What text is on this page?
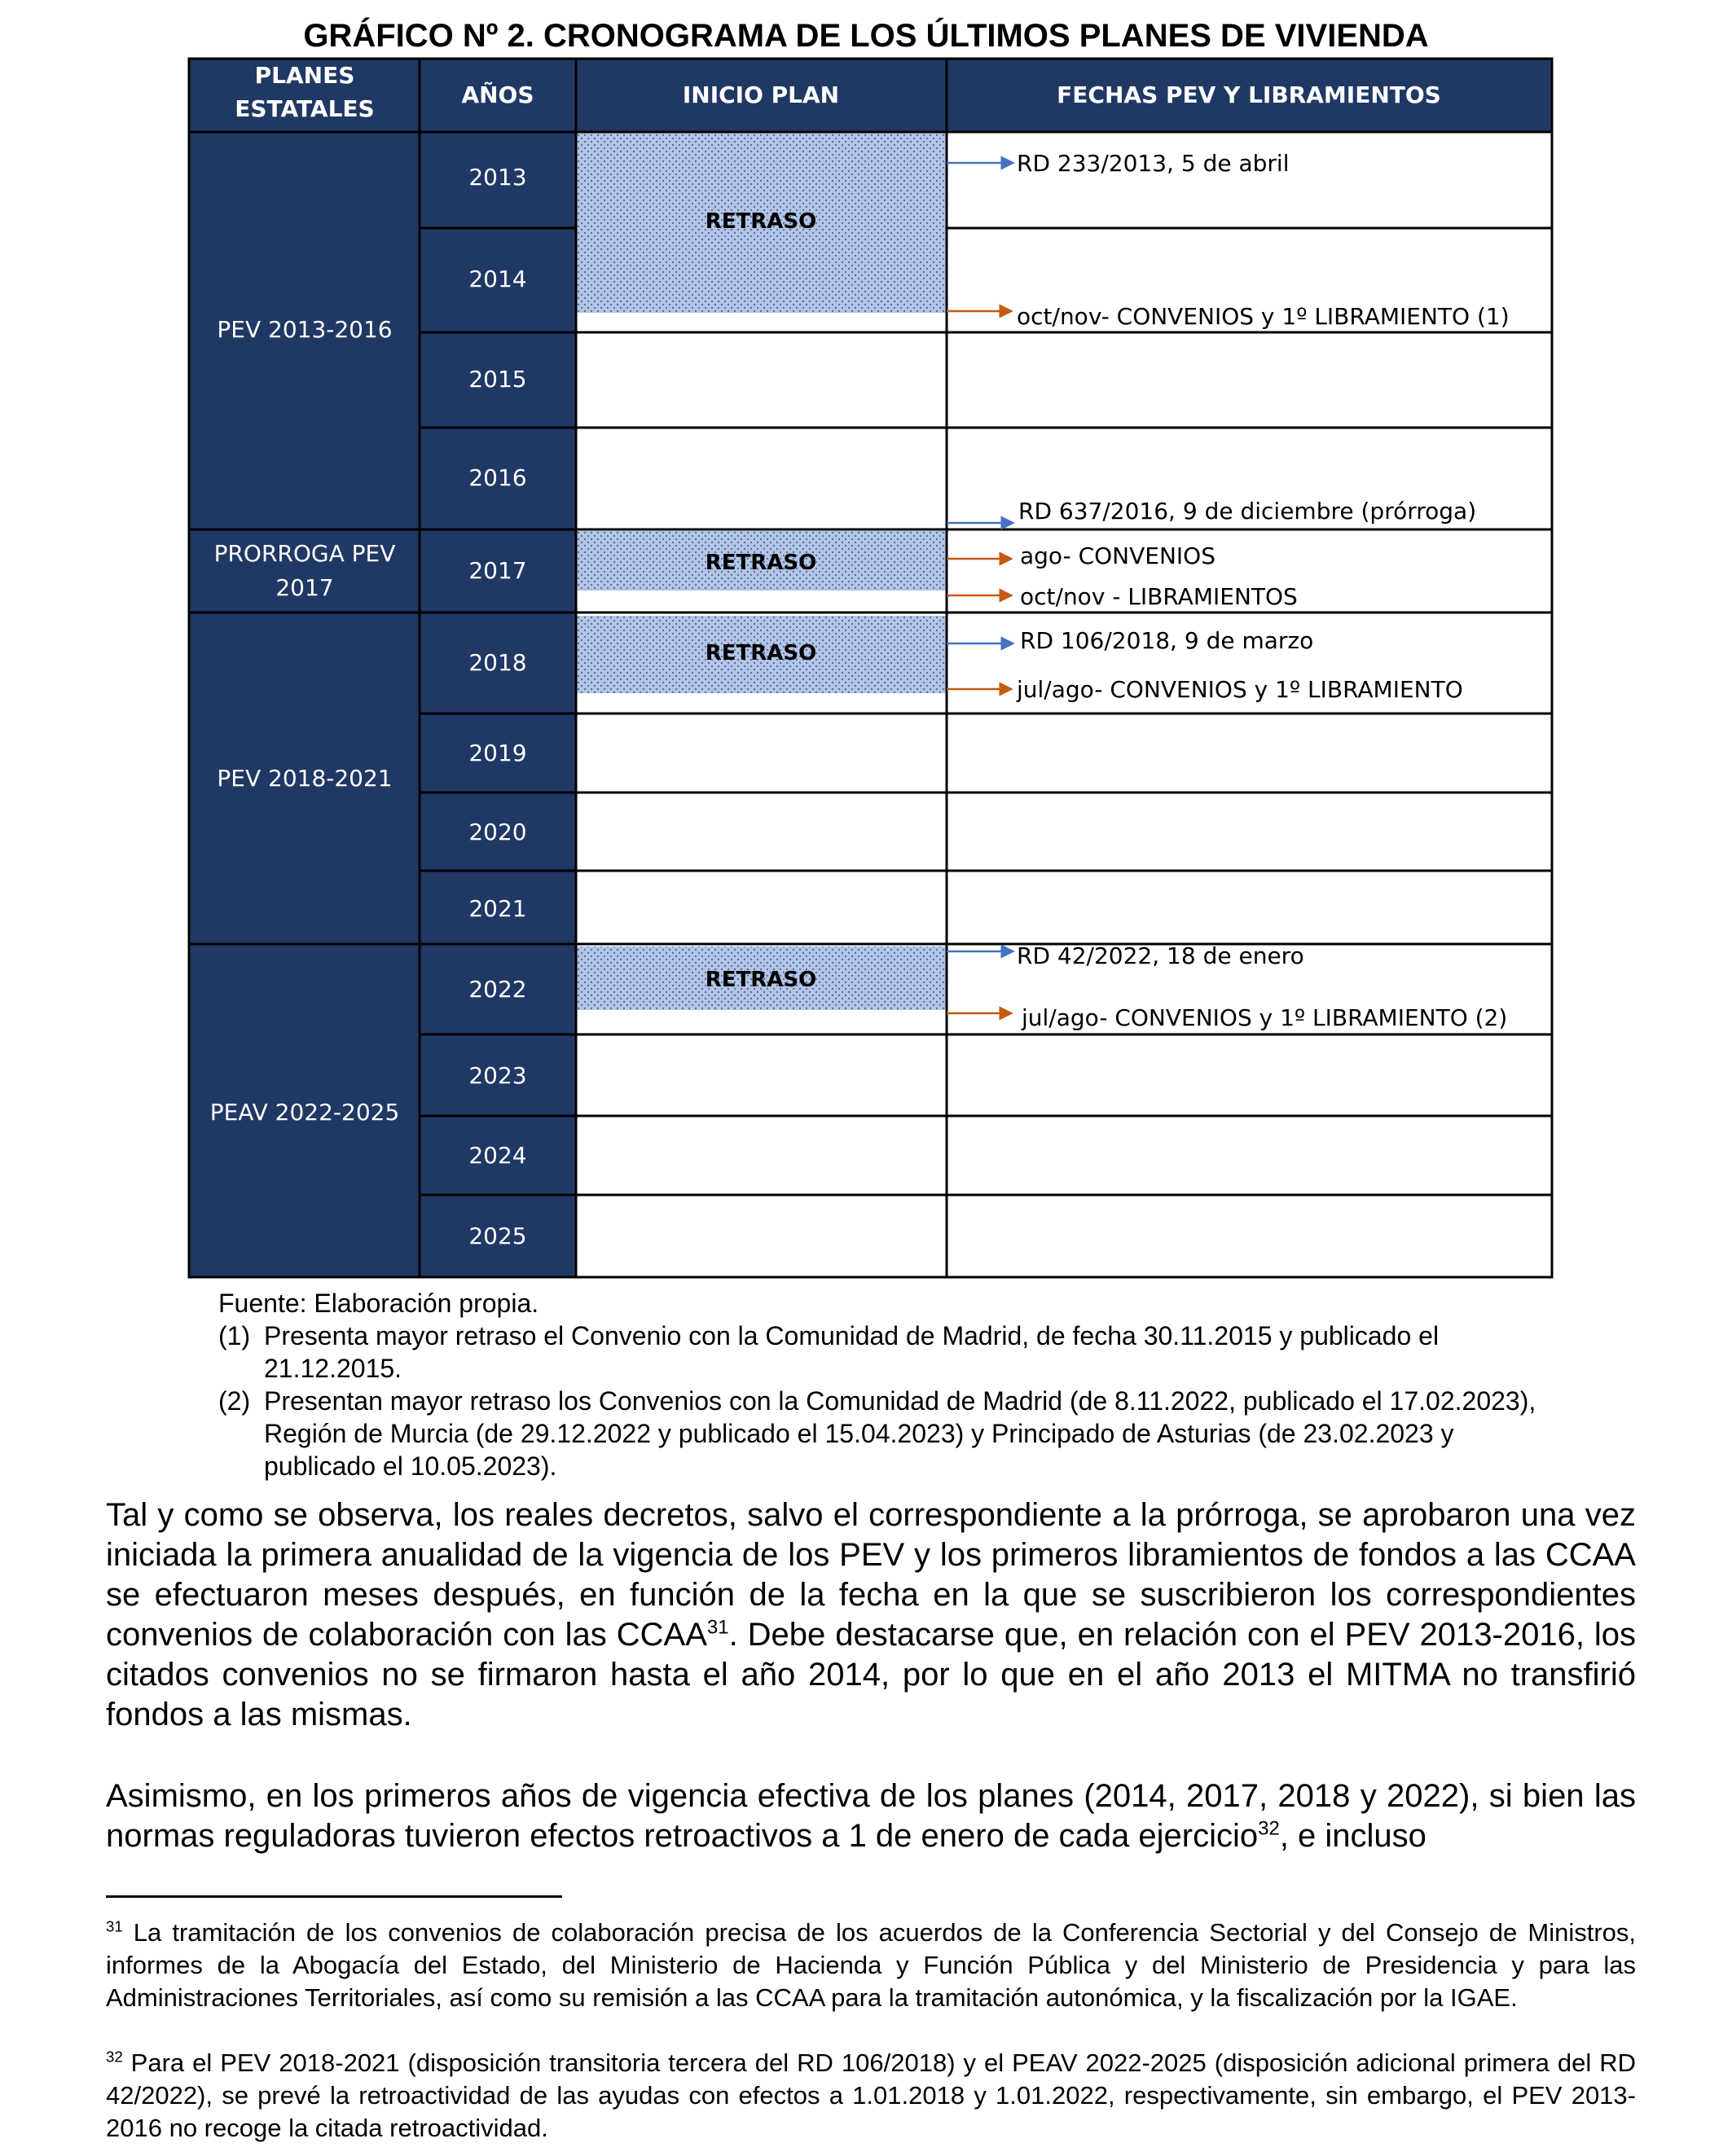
GRÁFICO Nº 2. CRONOGRAMA DE LOS ÚLTIMOS PLANES DE VIVIENDA
PLANES
ESTATALES
AÑOS	INICIO PLAN	FECHAS PEV Y LIBRAMIENTOS
PEV 2013-2016
PRORROGA PEV
2017
PEV 2018-2021
PEAV 2022-2025
2013
2014
2015
2016
2017
2018
2019
2020
2021
2022
2023
2024
2025
RETRASO
RETRASO
RETRASO
RETRASO
RD 233/2013, 5 de abril
oct/nov- CONVENIOS y 1º LIBRAMIENTO (1)
RD 637/2016, 9 de diciembre (prórroga)
ago- CONVENIOS
oct/nov - LIBRAMIENTOS
RD 106/2018, 9 de marzo
jul/ago- CONVENIOS y 1º LIBRAMIENTO
RD 42/2022, 18 de enero
jul/ago- CONVENIOS y 1º LIBRAMIENTO (2)
Fuente: Elaboración propia.
(1) Presenta mayor retraso el Convenio con la Comunidad de Madrid, de fecha 30.11.2015 y publicado el 21.12.2015.
(2) Presentan mayor retraso los Convenios con la Comunidad de Madrid (de 8.11.2022, publicado el 17.02.2023), Región de Murcia (de 29.12.2022 y publicado el 15.04.2023) y Principado de Asturias (de 23.02.2023 y publicado el 10.05.2023).
Tal y como se observa, los reales decretos, salvo el correspondiente a la prórroga, se aprobaron una vez iniciada la primera anualidad de la vigencia de los PEV y los primeros libramientos de fondos a las CCAA se efectuaron meses después, en función de la fecha en la que se suscribieron los correspondientes convenios de colaboración con las CCAA$^{31}$. Debe destacarse que, en relación con el PEV 2013-2016, los citados convenios no se firmaron hasta el año 2014, por lo que en el año 2013 el MITMA no transfirió fondos a las mismas.
Asimismo, en los primeros años de vigencia efectiva de los planes (2014, 2017, 2018 y 2022), si bien las normas reguladoras tuvieron efectos retroactivos a 1 de enero de cada ejercicio$^{32}$, e incluso
$^{31}$ La tramitación de los convenios de colaboración precisa de los acuerdos de la Conferencia Sectorial y del Consejo de Ministros, informes de la Abogacía del Estado, del Ministerio de Hacienda y Función Pública y del Ministerio de Presidencia y para las Administraciones Territoriales, así como su remisión a las CCAA para la tramitación autonómica, y la fiscalización por la IGAE.
$^{32}$ Para el PEV 2018-2021 (disposición transitoria tercera del RD 106/2018) y el PEAV 2022-2025 (disposición adicional primera del RD 42/2022), se prevé la retroactividad de las ayudas con efectos a 1.01.2018 y 1.01.2022, respectivamente, sin embargo, el PEV 2013-2016 no recoge la citada retroactividad.
